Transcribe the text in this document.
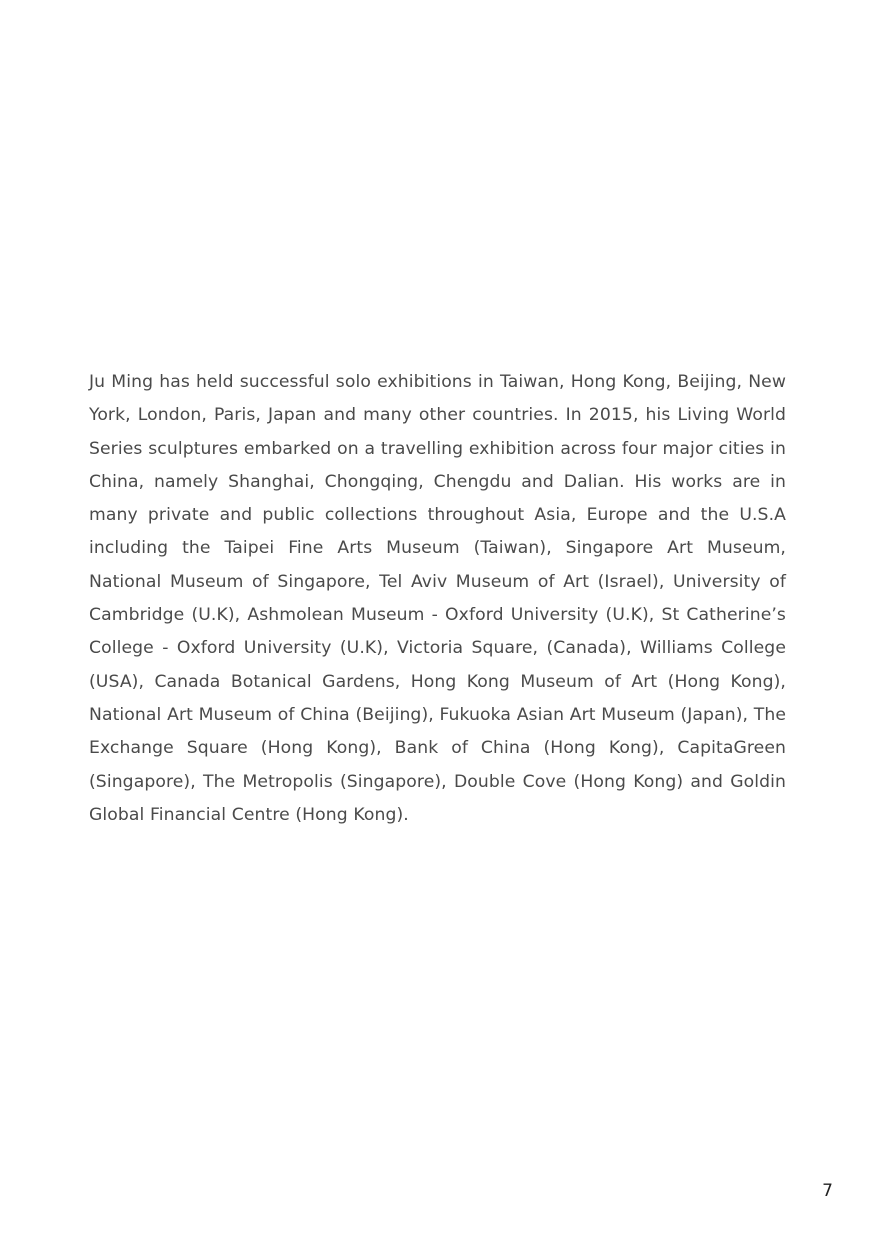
Ju Ming has held successful solo exhibitions in Taiwan, Hong Kong, Beijing, New York, London, Paris, Japan and many other countries. In 2015, his Living World Series sculptures embarked on a travelling exhibition across four major cities in China, namely Shanghai, Chongqing, Chengdu and Dalian. His works are in many private and public collections throughout Asia, Europe and the U.S.A including the Taipei Fine Arts Museum (Taiwan), Singapore Art Museum, National Museum of Singapore, Tel Aviv Museum of Art (Israel), University of Cambridge (U.K), Ashmolean Museum - Oxford University (U.K), St Catherine’s College - Oxford University (U.K), Victoria Square, (Canada), Williams College (USA), Canada Botanical Gardens, Hong Kong Museum of Art (Hong Kong), National Art Museum of China (Beijing), Fukuoka Asian Art Museum (Japan), The Exchange Square (Hong Kong), Bank of China (Hong Kong), CapitaGreen (Singapore), The Metropolis (Singapore), Double Cove (Hong Kong) and Goldin Global Financial Centre (Hong Kong).

7
